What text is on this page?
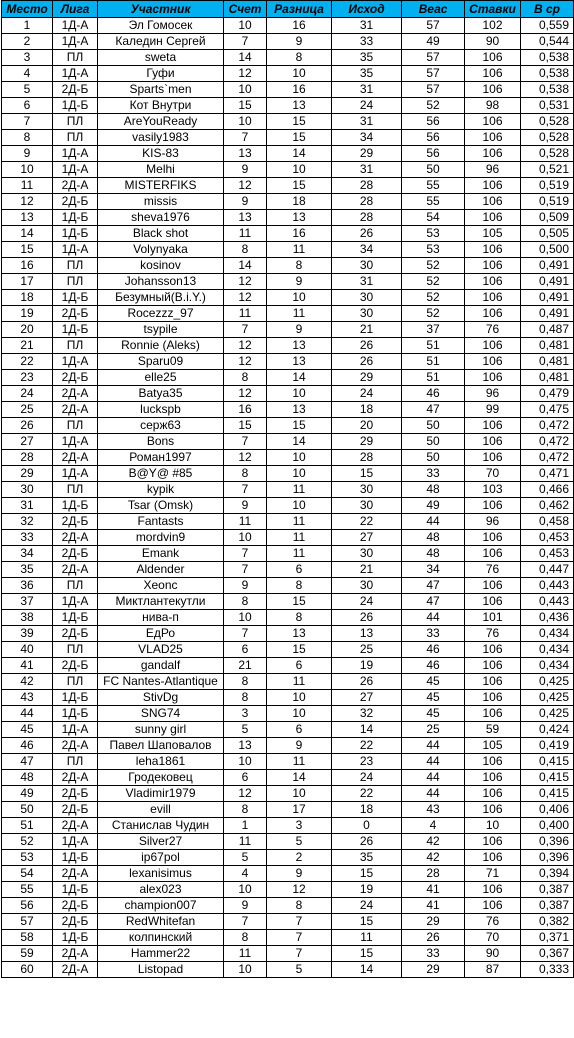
Место	Лига	Участник	Счет	Разница	Исход	Веаc	Ставки	В ср
1	1Д-А	Эл Гомосек	10	16	31	57	102	0,559
2	1Д-А	Каледин Сергей	7	9	33	49	90	0,544
3	ПЛ	sweta	14	8	35	57	106	0,538
4	1Д-А	Гуфи	12	10	35	57	106	0,538
5	2Д-Б	Sparts`men	10	16	31	57	106	0,538
6	1Д-Б	Кот Внутри	15	13	24	52	98	0,531
7	ПЛ	AreYouReady	10	15	31	56	106	0,528
8	ПЛ	vasily1983	7	15	34	56	106	0,528
9	1Д-А	KIS-83	13	14	29	56	106	0,528
10	1Д-А	Melhi	9	10	31	50	96	0,521
11	2Д-А	MISTERFIKS	12	15	28	55	106	0,519
12	2Д-Б	missis	9	18	28	55	106	0,519
13	1Д-Б	sheva1976	13	13	28	54	106	0,509
14	1Д-Б	Black shot	11	16	26	53	105	0,505
15	1Д-А	Volynyaka	8	11	34	53	106	0,500
16	ПЛ	kosinov	14	8	30	52	106	0,491
17	ПЛ	Johansson13	12	9	31	52	106	0,491
18	1Д-Б	Безумный(B.i.Y.)	12	10	30	52	106	0,491
19	2Д-Б	Rocezzz_97	11	11	30	52	106	0,491
20	1Д-Б	tsypile	7	9	21	37	76	0,487
21	ПЛ	Ronnie (Aleks)	12	13	26	51	106	0,481
22	1Д-А	Sparu09	12	13	26	51	106	0,481
23	2Д-Б	elle25	8	14	29	51	106	0,481
24	2Д-А	Batya35	12	10	24	46	96	0,479
25	2Д-А	luckspb	16	13	18	47	99	0,475
26	ПЛ	серж63	15	15	20	50	106	0,472
27	1Д-А	Bons	7	14	29	50	106	0,472
28	2Д-А	Роман1997	12	10	28	50	106	0,472
29	1Д-А	B@Y@ #85	8	10	15	33	70	0,471
30	ПЛ	kypik	7	11	30	48	103	0,466
31	1Д-Б	Tsar (Omsk)	9	10	30	49	106	0,462
32	2Д-Б	Fantasts	11	11	22	44	96	0,458
33	2Д-А	mordvin9	10	11	27	48	106	0,453
34	2Д-Б	Emank	7	11	30	48	106	0,453
35	2Д-А	Aldender	7	6	21	34	76	0,447
36	ПЛ	Xeonc	9	8	30	47	106	0,443
37	1Д-А	Миктлантекутли	8	15	24	47	106	0,443
38	1Д-Б	нива-п	10	8	26	44	101	0,436
39	2Д-Б	ЕдРо	7	13	13	33	76	0,434
40	ПЛ	VLAD25	6	15	25	46	106	0,434
41	2Д-Б	gandalf	21	6	19	46	106	0,434
42	ПЛ	FC Nantes-Atlantique	8	11	26	45	106	0,425
43	1Д-Б	StivDg	8	10	27	45	106	0,425
44	1Д-Б	SNG74	3	10	32	45	106	0,425
45	1Д-А	sunny girl	5	6	14	25	59	0,424
46	2Д-А	Павел Шаповалов	13	9	22	44	105	0,419
47	ПЛ	leha1861	10	11	23	44	106	0,415
48	2Д-А	Гродековец	6	14	24	44	106	0,415
49	2Д-Б	Vladimir1979	12	10	22	44	106	0,415
50	2Д-Б	evill	8	17	18	43	106	0,406
51	2Д-А	Станислав Чудин	1	3	0	4	10	0,400
52	1Д-А	Silver27	11	5	26	42	106	0,396
53	1Д-Б	ip67pol	5	2	35	42	106	0,396
54	2Д-А	lexanisimus	4	9	15	28	71	0,394
55	1Д-Б	alex023	10	12	19	41	106	0,387
56	2Д-Б	champion007	9	8	24	41	106	0,387
57	2Д-Б	RedWhitefan	7	7	15	29	76	0,382
58	1Д-Б	колпинский	8	7	11	26	70	0,371
59	2Д-А	Hammer22	11	7	15	33	90	0,367
60	2Д-А	Listopad	10	5	14	29	87	0,333
